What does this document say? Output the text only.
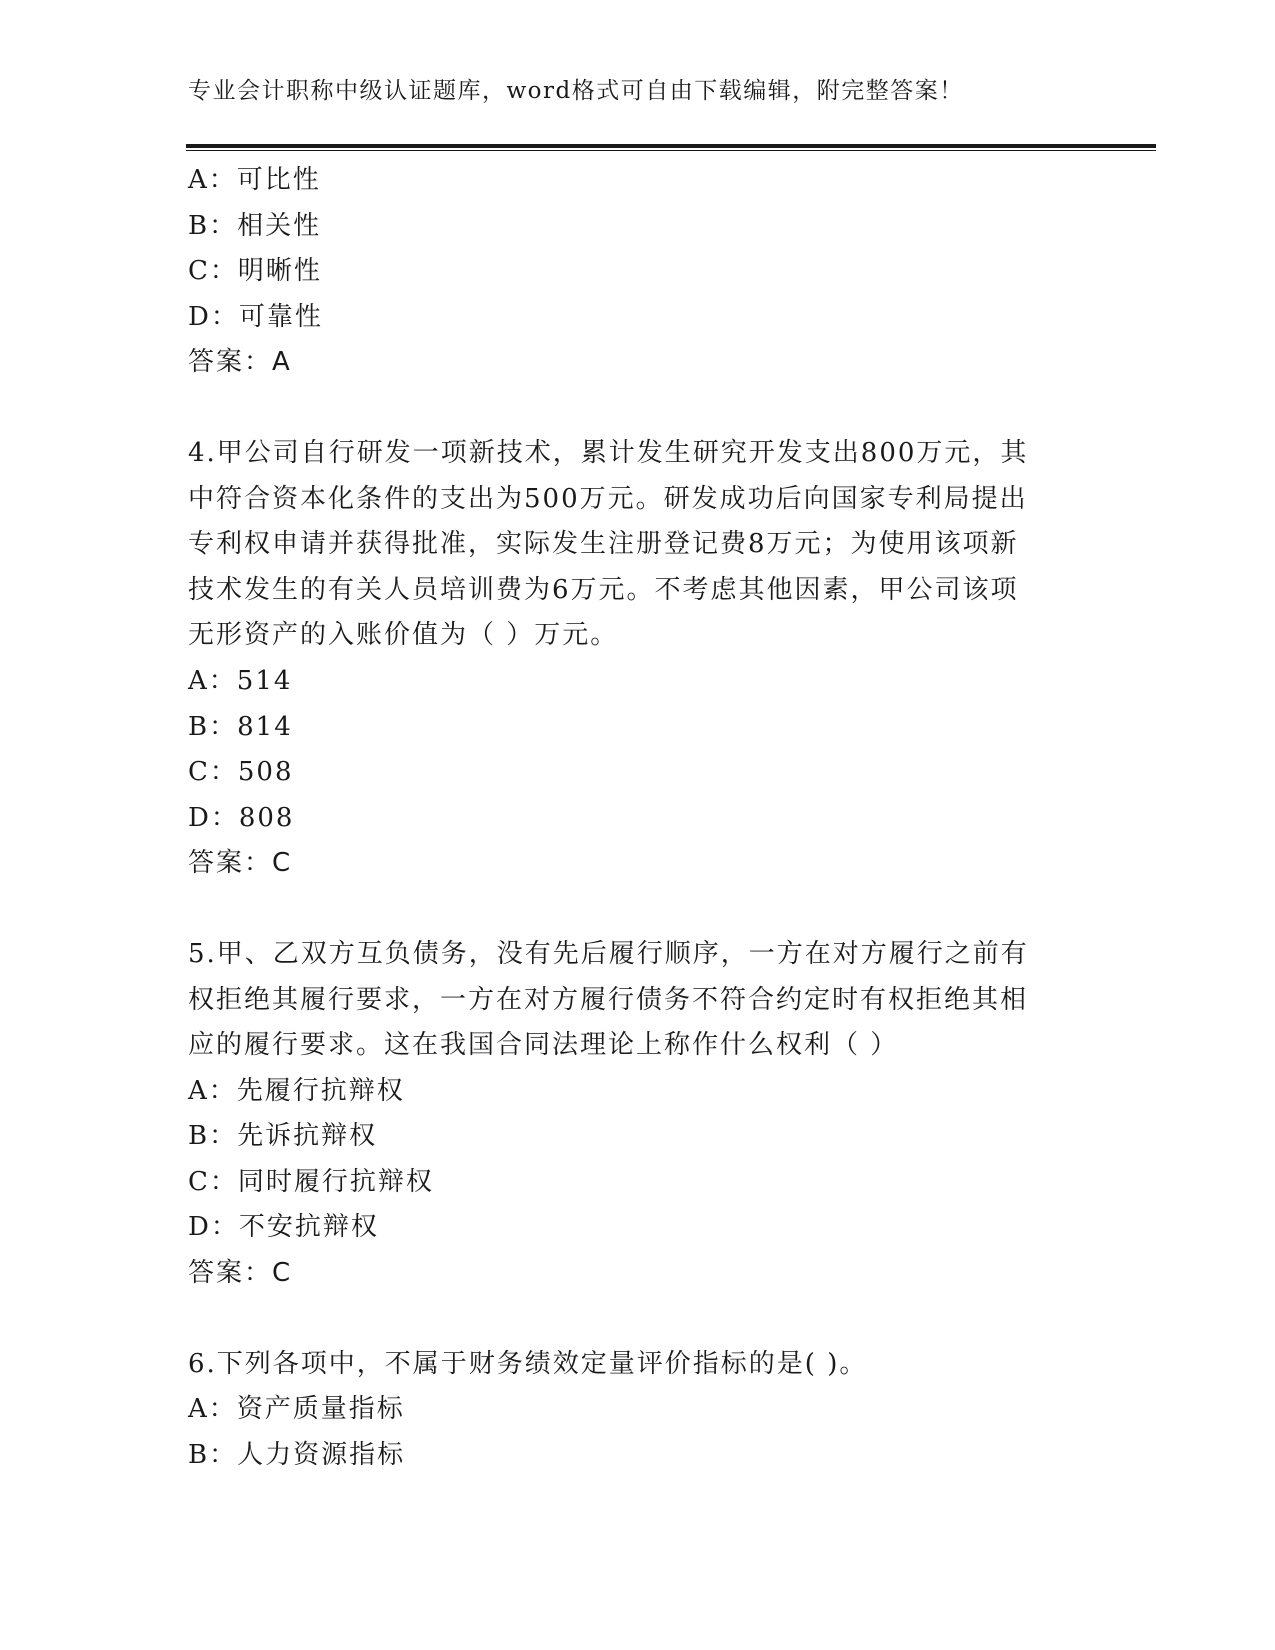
专业会计职称中级认证题库，word格式可自由下载编辑，附完整答案！
A：可比性
B：相关性
C：明晰性
D：可靠性
答案：A
4.甲公司自行研发一项新技术，累计发生研究开发支出800万元，其
中符合资本化条件的支出为500万元。研发成功后向国家专利局提出
专利权申请并获得批准，实际发生注册登记费8万元；为使用该项新
技术发生的有关人员培训费为6万元。不考虑其他因素，甲公司该项
无形资产的入账价值为（ ）万元。
A：514
B：814
C：508
D：808
答案：C
5.甲、乙双方互负债务，没有先后履行顺序，一方在对方履行之前有
权拒绝其履行要求，一方在对方履行债务不符合约定时有权拒绝其相
应的履行要求。这在我国合同法理论上称作什么权利（ ）
A：先履行抗辩权
B：先诉抗辩权
C：同时履行抗辩权
D：不安抗辩权
答案：C
6.下列各项中，不属于财务绩效定量评价指标的是( )。
A：资产质量指标
B：人力资源指标
